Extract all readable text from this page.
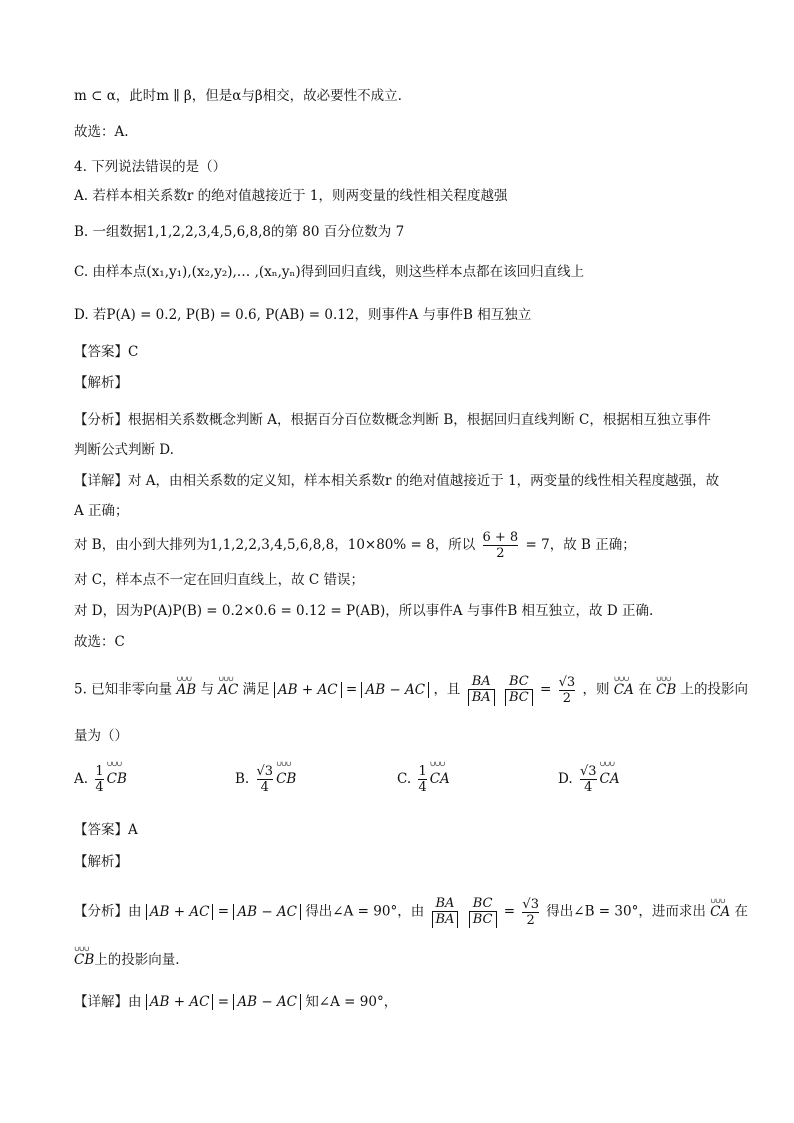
m ⊂ α，此时m ∥ β，但是α与β相交，故必要性不成立.
故选：A.
4. 下列说法错误的是（）
A. 若样本相关系数r 的绝对值越接近于 1，则两变量的线性相关程度越强
B. 一组数据1,1,2,2,3,4,5,6,8,8的第 80 百分位数为 7
C. 由样本点(x₁,y₁),(x₂,y₂),… ,(xₙ,yₙ)得到回归直线，则这些样本点都在该回归直线上
D. 若P(A) = 0.2, P(B) = 0.6, P(AB) = 0.12，则事件A 与事件B 相互独立
【答案】C
【解析】
【分析】根据相关系数概念判断 A，根据百分百位数概念判断 B，根据回归直线判断 C，根据相互独立事件判断公式判断 D.
【详解】对 A，由相关系数的定义知，样本相关系数r 的绝对值越接近于 1，两变量的线性相关程度越强，故 A 正确；
对 B，由小到大排列为1,1,2,2,3,4,5,6,8,8，10×80% = 8，所以 $\frac{6 + 8}{2} = 7$，故 B 正确；
对 C，样本点不一定在回归直线上，故 C 错误；
对 D，因为P(A)P(B) = 0.2×0.6 = 0.12 = P(AB)，所以事件A 与事件B 相互独立，故 D 正确.
故选：C
5. 已知非零向量 ∪∪∪ AB 与 ∪∪∪ AC 满足 AB + AC = AB − AC ，且 $\frac{BA}{BA}$
$\frac{BC}{BC} = \frac{√3}{2}$ ，则 ∪∪∪ CA 在 ∪∪∪ CB 上的投影向
量为（）
A. $\frac{1}{4}$ ∪∪∪ CB	B. $\frac{√3}{4}$ ∪∪∪ CB	C. $\frac{1}{4}$ ∪∪∪ CA	D. $\frac{√3}{4}$ ∪∪∪ CA
【答案】A
【解析】
【分析】由 AB + AC = AB − AC 得出∠A = 90°，由 $\frac{BA}{BA}$
$\frac{BC}{BC} = \frac{√3}{2}$ 得出∠B = 30°，进而求出 ∪∪∪ CA 在
∪∪∪ CB上的投影向量.
【详解】由 AB + AC = AB − AC 知∠A = 90°，
